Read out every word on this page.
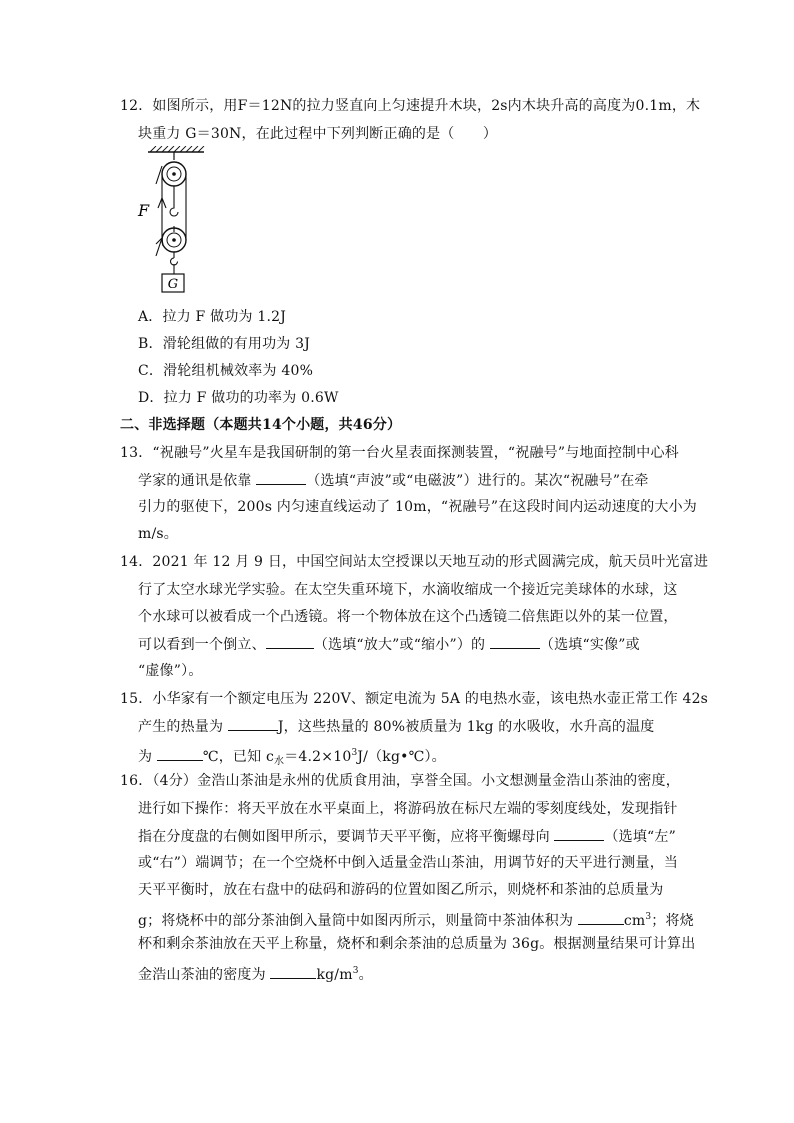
12．如图所示，用F＝12N的拉力竖直向上匀速提升木块，2s内木块升高的高度为0.1m，木
块重力 G＝30N，在此过程中下列判断正确的是（　　）
G
F
A．拉力 F 做功为 1.2J
B．滑轮组做的有用功为 3J
C．滑轮组机械效率为 40%
D．拉力 F 做功的功率为 0.6W
二、非选择题（本题共14个小题，共46分）
13．“祝融号”火星车是我国研制的第一台火星表面探测装置，“祝融号”与地面控制中心科
学家的通讯是依靠	（选填“声波”或“电磁波”）进行的。某次“祝融号”在牵
引力的驱使下，200s 内匀速直线运动了 10m，“祝融号”在这段时间内运动速度的大小为
m/s。
14．2021 年 12 月 9 日，中国空间站太空授课以天地互动的形式圆满完成，航天员叶光富进
行了太空水球光学实验。在太空失重环境下，水滴收缩成一个接近完美球体的水球，这
个水球可以被看成一个凸透镜。将一个物体放在这个凸透镜二倍焦距以外的某一位置，
可以看到一个倒立、	（选填“放大”或“缩小”）的	（选填“实像”或
“虚像”）。
15．小华家有一个额定电压为 220V、额定电流为 5A 的电热水壶，该电热水壶正常工作 42s
产生的热量为	J，这些热量的 80%被质量为 1kg 的水吸收，水升高的温度
为	℃，已知 $c_水=4.2\times 10^3J/(kg•℃)$。
16．（4分）金浩山茶油是永州的优质食用油，享誉全国。小文想测量金浩山茶油的密度，
进行如下操作：将天平放在水平桌面上，将游码放在标尺左端的零刻度线处，发现指针
指在分度盘的右侧如图甲所示，要调节天平平衡，应将平衡螺母向	（选填“左”
或“右”）端调节；在一个空烧杯中倒入适量金浩山茶油，用调节好的天平进行测量，当
天平平衡时，放在右盘中的砝码和游码的位置如图乙所示，则烧杯和茶油的总质量为
g；将烧杯中的部分茶油倒入量筒中如图丙所示，则量筒中茶油体积为	$cm^3$；将烧
杯和剩余茶油放在天平上称量，烧杯和剩余茶油的总质量为 36g。根据测量结果可计算出
金浩山茶油的密度为	$kg/m^3$。
